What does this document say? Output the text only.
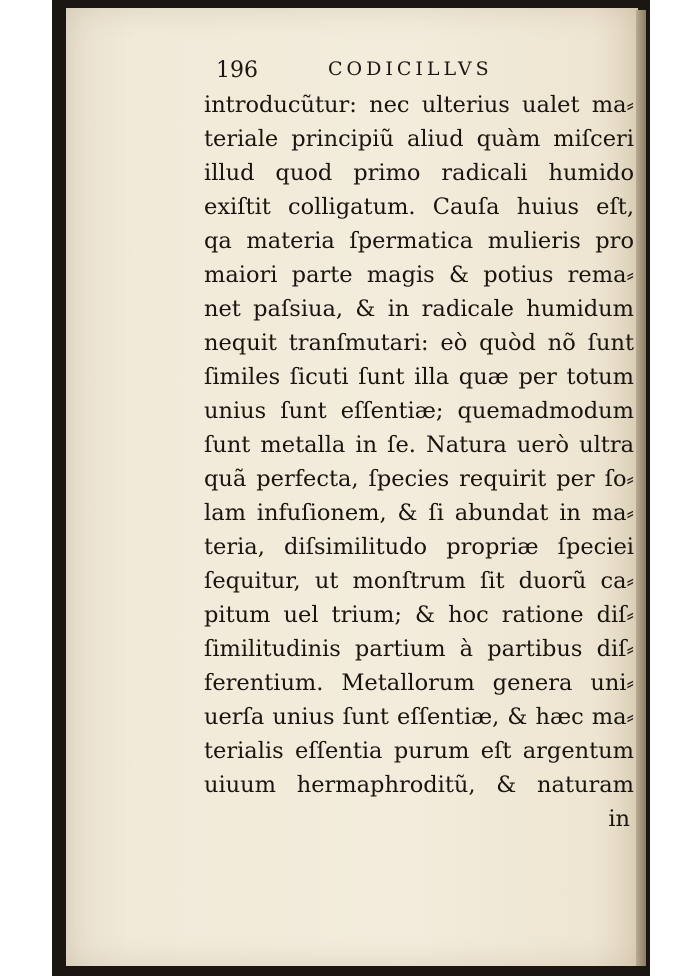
196	CODICILLVS
introducũtur: nec ulterius ualet ma⸗
teriale principiũ aliud quàm miſceri
illud quod primo radicali humido
exiſtit colligatum. Cauſa huius eſt,
qa materia ſpermatica mulieris pro
maiori parte magis & potius rema⸗
net paſsiua, & in radicale humidum
nequit tranſmutari: eò quòd nõ ſunt
ſimiles ſicuti ſunt illa quæ per totum
unius ſunt eſſentiæ; quemadmodum
ſunt metalla in ſe. Natura uerò ultra
quã perfecta, ſpecies requirit per ſo⸗
lam infuſionem, & ſi abundat in ma⸗
teria, diſsimilitudo propriæ ſpeciei
ſequitur, ut monſtrum ſit duorũ ca⸗
pitum uel trium; & hoc ratione diſ⸗
ſimilitudinis partium à partibus diſ⸗
ferentium. Metallorum genera uni⸗
uerſa unius ſunt eſſentiæ, & hæc ma⸗
terialis eſſentia purum eſt argentum
uiuum hermaphroditũ, & naturam
in
